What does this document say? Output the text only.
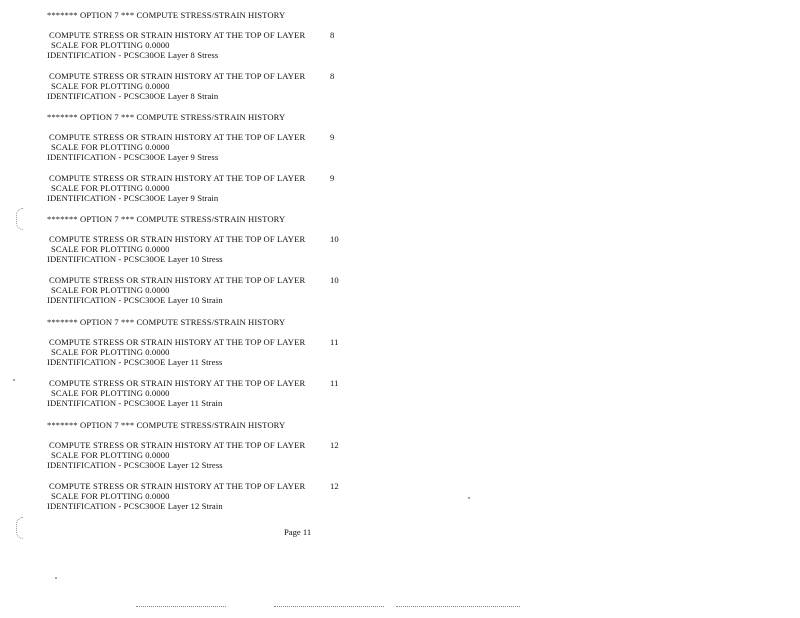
Page 11
******* OPTION 7 *** COMPUTE STRESS/STRAIN HISTORY
COMPUTE STRESS OR STRAIN HISTORY AT THE TOP OF LAYER	8
SCALE FOR PLOTTING 0.0000
IDENTIFICATION - PCSC30OE Layer 8 Stress
COMPUTE STRESS OR STRAIN HISTORY AT THE TOP OF LAYER	8
SCALE FOR PLOTTING 0.0000
IDENTIFICATION - PCSC30OE Layer 8 Strain
******* OPTION 7 *** COMPUTE STRESS/STRAIN HISTORY
COMPUTE STRESS OR STRAIN HISTORY AT THE TOP OF LAYER	9
SCALE FOR PLOTTING 0.0000
IDENTIFICATION - PCSC30OE Layer 9 Stress
COMPUTE STRESS OR STRAIN HISTORY AT THE TOP OF LAYER	9
SCALE FOR PLOTTING 0.0000
IDENTIFICATION - PCSC30OE Layer 9 Strain
******* OPTION 7 *** COMPUTE STRESS/STRAIN HISTORY
COMPUTE STRESS OR STRAIN HISTORY AT THE TOP OF LAYER	10
SCALE FOR PLOTTING 0.0000
IDENTIFICATION - PCSC30OE Layer 10 Stress
COMPUTE STRESS OR STRAIN HISTORY AT THE TOP OF LAYER	10
SCALE FOR PLOTTING 0.0000
IDENTIFICATION - PCSC30OE Layer 10 Strain
******* OPTION 7 *** COMPUTE STRESS/STRAIN HISTORY
COMPUTE STRESS OR STRAIN HISTORY AT THE TOP OF LAYER	11
SCALE FOR PLOTTING 0.0000
IDENTIFICATION - PCSC30OE Layer 11 Stress
COMPUTE STRESS OR STRAIN HISTORY AT THE TOP OF LAYER	11
SCALE FOR PLOTTING 0.0000
IDENTIFICATION - PCSC30OE Layer 11 Strain
******* OPTION 7 *** COMPUTE STRESS/STRAIN HISTORY
COMPUTE STRESS OR STRAIN HISTORY AT THE TOP OF LAYER	12
SCALE FOR PLOTTING 0.0000
IDENTIFICATION - PCSC30OE Layer 12 Stress
COMPUTE STRESS OR STRAIN HISTORY AT THE TOP OF LAYER	12
SCALE FOR PLOTTING 0.0000
IDENTIFICATION - PCSC30OE Layer 12 Strain
